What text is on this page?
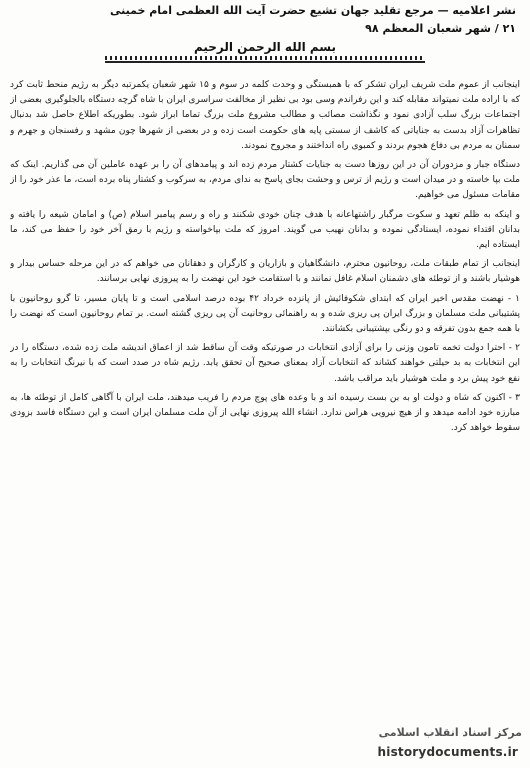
نشر اعلامیه — مرجع تقلید جهان تشیع حضرت آیت الله العظمی امام خمینی
۲۱ / شهر شعبان المعظم ۹۸
بسم الله الرحمن الرحیم

اینجانب از عموم ملت شریف ایران تشکر که با همبستگی و وحدت کلمه در سوم و ۱۵ شهر شعبان یکمرتبه دیگر به رژیم منحط ثابت کرد که با اراده ملت نمیتواند مقابله کند و این رفراندم وسی بود بی نظیر از مخالفت سراسری ایران با شاه گرچه دستگاه بالجلوگیری بعضی از اجتماعات بزرگ سلب آزادی نمود و نگذاشت مصائب و مطالب مشروع ملت بزرگ تماما ابراز شود. بطوریکه اطلاع حاصل شد بدنبال تظاهرات آزاد بدست به جنایاتی که کاشف از سستی پایه های حکومت است زده و در بعضی از شهرها چون مشهد و رفسنجان و جهرم و سمنان به مردم بی دفاع هجوم بردند و کمبوی راه انداختند و مجروح نمودند.

دستگاه جبار و مزدوران آن در این روزها دست به جنایات کشتار مردم زده اند و پیامدهای آن را بر عهده عاملین آن می گذاریم. اینک که ملت بپا خاسته و در میدان است و رژیم از ترس و وحشت بجای پاسخ به ندای مردم، به سرکوب و کشتار پناه برده است، ما عذر خود را از مقامات مسئول می خواهیم.

و اینکه به ظلم تعهد و سکوت مرگبار راشتهاعانه با هدف چنان خودی شکنند و راه و رسم پیامبر اسلام (ص) و امامان شیعه را یافته و بدانان اقتداء نموده، ایستادگی نموده و بدانان نهیب می گویند. امروز که ملت بپاخواسته و رژیم با رمق آخر خود را حفظ می کند، ما ایستاده ایم.

اینجانب از تمام طبقات ملت، روحانیون محترم، دانشگاهیان و بازاریان و کارگران و دهقانان می خواهم که در این مرحله حساس بیدار و هوشیار باشند و از توطئه های دشمنان اسلام غافل نمانند و با استقامت خود این نهضت را به پیروزی نهایی برسانند.

۱ - نهضت مقدس اخیر ایران که ابتدای شکوفائیش از پانزده خرداد ۴۲ بوده درصد اسلامی است و تا پایان مسیر، تا گرو روحانیون با پشتیبانی ملت مسلمان و بزرگ ایران پی ریزی شده و به راهنمائی روحانیت آن پی ریزی گشته است. بر تمام روحانیون است که نهضت را با همه جمع بدون تفرقه و دو رنگی بپشتیبانی بکشانند.

۲ - احترا دولت تخمه تامون وزنی را برای آزادی انتخابات در صورتیکه وقت آن ساقط شد از اعماق اندیشه ملت زده شده، دستگاه را در این انتخابات به بد حیلتی خواهند کشاند که انتخابات آزاد بمعنای صحیح آن تحقق یابد. رژیم شاه در صدد است که با نیرنگ انتخابات را به نفع خود پیش برد و ملت هوشیار باید مراقب باشد.

۳ - اکنون که شاه و دولت او به بن بست رسیده اند و با وعده های پوچ مردم را فریب میدهند، ملت ایران با آگاهی کامل از توطئه ها، به مبارزه خود ادامه میدهد و از هیچ نیرویی هراس ندارد. انشاء الله پیروزی نهایی از آن ملت مسلمان ایران است و این دستگاه فاسد بزودی سقوط خواهد کرد.

مرکز اسناد انقلاب اسلامی
historydocuments.ir
